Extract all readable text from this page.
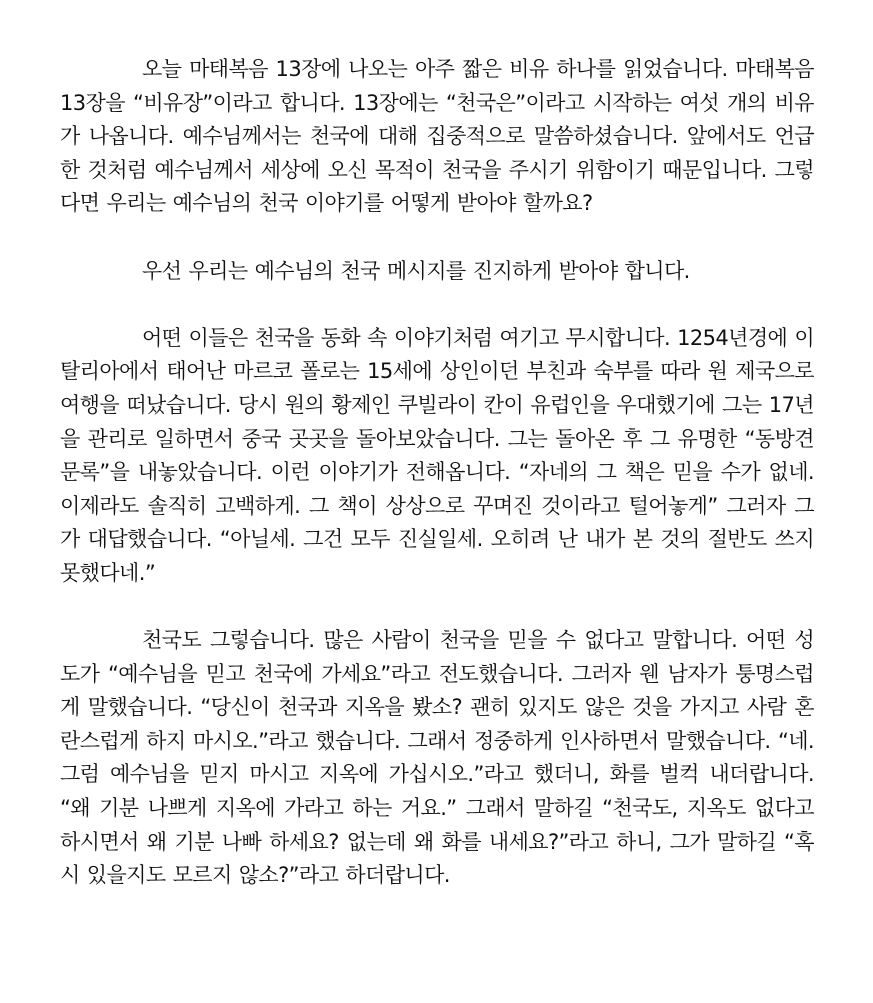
오늘 마태복음 13장에 나오는 아주 짧은 비유 하나를 읽었습니다. 마태복음 13장을 “비유장”이라고 합니다. 13장에는 “천국은”이라고 시작하는 여섯 개의 비유가 나옵니다. 예수님께서는 천국에 대해 집중적으로 말씀하셨습니다. 앞에서도 언급한 것처럼 예수님께서 세상에 오신 목적이 천국을 주시기 위함이기 때문입니다. 그렇다면 우리는 예수님의 천국 이야기를 어떻게 받아야 할까요?

우선 우리는 예수님의 천국 메시지를 진지하게 받아야 합니다.

어떤 이들은 천국을 동화 속 이야기처럼 여기고 무시합니다. 1254년경에 이탈리아에서 태어난 마르코 폴로는 15세에 상인이던 부친과 숙부를 따라 원 제국으로 여행을 떠났습니다. 당시 원의 황제인 쿠빌라이 칸이 유럽인을 우대했기에 그는 17년을 관리로 일하면서 중국 곳곳을 돌아보았습니다. 그는 돌아온 후 그 유명한 “동방견문록”을 내놓았습니다. 이런 이야기가 전해옵니다. “자네의 그 책은 믿을 수가 없네. 이제라도 솔직히 고백하게. 그 책이 상상으로 꾸며진 것이라고 털어놓게” 그러자 그가 대답했습니다. “아닐세. 그건 모두 진실일세. 오히려 난 내가 본 것의 절반도 쓰지 못했다네.”

천국도 그렇습니다. 많은 사람이 천국을 믿을 수 없다고 말합니다. 어떤 성도가 “예수님을 믿고 천국에 가세요”라고 전도했습니다. 그러자 웬 남자가 퉁명스럽게 말했습니다. “당신이 천국과 지옥을 봤소? 괜히 있지도 않은 것을 가지고 사람 혼란스럽게 하지 마시오.”라고 했습니다. 그래서 정중하게 인사하면서 말했습니다. “네. 그럼 예수님을 믿지 마시고 지옥에 가십시오.”라고 했더니, 화를 벌컥 내더랍니다. “왜 기분 나쁘게 지옥에 가라고 하는 거요.” 그래서 말하길 “천국도, 지옥도 없다고 하시면서 왜 기분 나빠 하세요? 없는데 왜 화를 내세요?”라고 하니, 그가 말하길 “혹시 있을지도 모르지 않소?”라고 하더랍니다.
